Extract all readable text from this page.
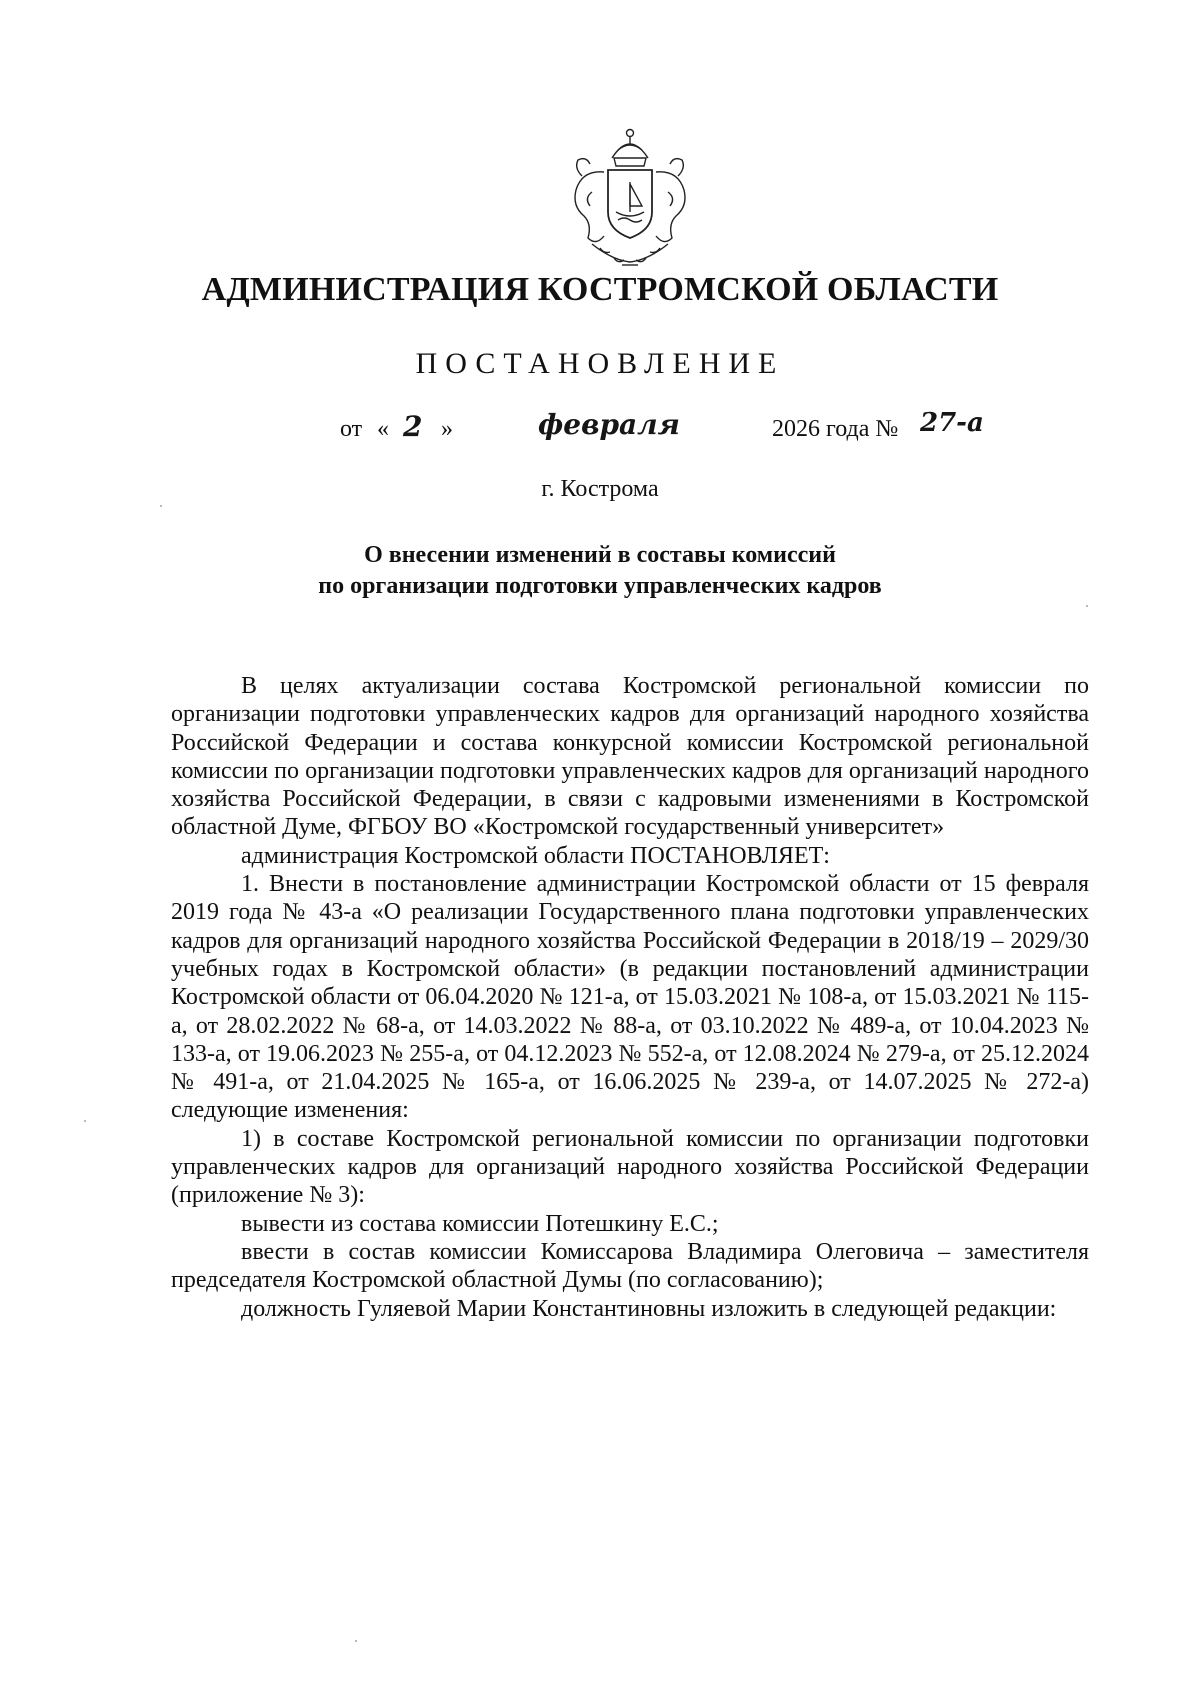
АДМИНИСТРАЦИЯ КОСТРОМСКОЙ ОБЛАСТИ
ПОСТАНОВЛЕНИЕ
от « 2 »	февраля	2026 года № 27-а
г. Кострома
О внесении изменений в составы комиссий
по организации подготовки управленческих кадров

В целях актуализации состава Костромской региональной комиссии по организации подготовки управленческих кадров для организаций народного хозяйства Российской Федерации и состава конкурсной комиссии Костромской региональной комиссии по организации подготовки управленческих кадров для организаций народного хозяйства Российской Федерации, в связи с кадровыми изменениями в Костромской областной Думе, ФГБОУ ВО «Костромской государственный университет»

администрация Костромской области ПОСТАНОВЛЯЕТ:

1. Внести в постановление администрации Костромской области от 15 февраля 2019 года № 43-а «О реализации Государственного плана подготовки управленческих кадров для организаций народного хозяйства Российской Федерации в 2018/19 – 2029/30 учебных годах в Костромской области» (в редакции постановлений администрации Костромской области от 06.04.2020 № 121-а, от 15.03.2021 № 108-а, от 15.03.2021 № 115-а, от 28.02.2022 № 68-а, от 14.03.2022 № 88-а, от 03.10.2022 № 489-а, от 10.04.2023 № 133-а, от 19.06.2023 № 255-а, от 04.12.2023 № 552-а, от 12.08.2024 № 279-а, от 25.12.2024 № 491-а, от 21.04.2025 № 165-а, от 16.06.2025 № 239-а, от 14.07.2025 № 272-а) следующие изменения:

1) в составе Костромской региональной комиссии по организации подготовки управленческих кадров для организаций народного хозяйства Российской Федерации (приложение № 3):

вывести из состава комиссии Потешкину Е.С.;

ввести в состав комиссии Комиссарова Владимира Олеговича – заместителя председателя Костромской областной Думы (по согласованию);

должность Гуляевой Марии Константиновны изложить в следующей редакции:
